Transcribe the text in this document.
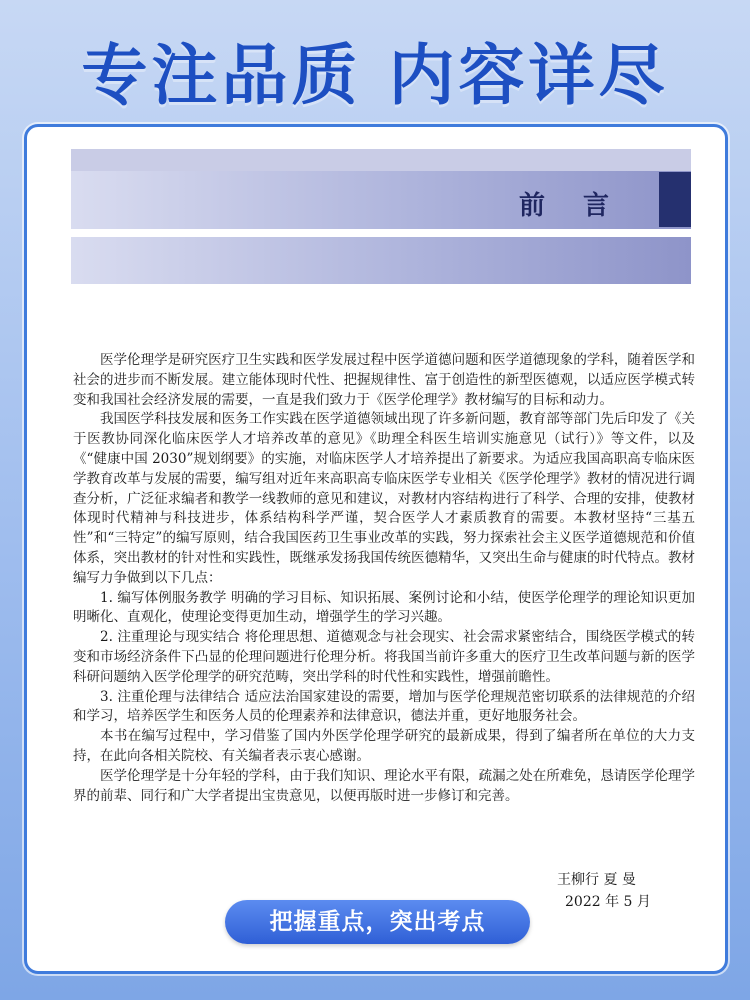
专注品质 内容详尽
前言

医学伦理学是研究医疗卫生实践和医学发展过程中医学道德问题和医学道德现象的学科，随着医学和社会的进步而不断发展。建立能体现时代性、把握规律性、富于创造性的新型医德观，以适应医学模式转变和我国社会经济发展的需要，一直是我们致力于《医学伦理学》教材编写的目标和动力。

我国医学科技发展和医务工作实践在医学道德领域出现了许多新问题，教育部等部门先后印发了《关于医教协同深化临床医学人才培养改革的意见》《助理全科医生培训实施意见（试行）》等文件，以及《“健康中国 2030”规划纲要》的实施，对临床医学人才培养提出了新要求。为适应我国高职高专临床医学教育改革与发展的需要，编写组对近年来高职高专临床医学专业相关《医学伦理学》教材的情况进行调查分析，广泛征求编者和教学一线教师的意见和建议，对教材内容结构进行了科学、合理的安排，使教材体现时代精神与科技进步，体系结构科学严谨，契合医学人才素质教育的需要。本教材坚持“三基五性”和“三特定”的编写原则，结合我国医药卫生事业改革的实践，努力探索社会主义医学道德规范和价值体系，突出教材的针对性和实践性，既继承发扬我国传统医德精华，又突出生命与健康的时代特点。教材编写力争做到以下几点：

1. 编写体例服务教学 明确的学习目标、知识拓展、案例讨论和小结，使医学伦理学的理论知识更加明晰化、直观化，使理论变得更加生动，增强学生的学习兴趣。

2. 注重理论与现实结合 将伦理思想、道德观念与社会现实、社会需求紧密结合，围绕医学模式的转变和市场经济条件下凸显的伦理问题进行伦理分析。将我国当前许多重大的医疗卫生改革问题与新的医学科研问题纳入医学伦理学的研究范畴，突出学科的时代性和实践性，增强前瞻性。

3. 注重伦理与法律结合 适应法治国家建设的需要，增加与医学伦理规范密切联系的法律规范的介绍和学习，培养医学生和医务人员的伦理素养和法律意识，德法并重，更好地服务社会。

本书在编写过程中，学习借鉴了国内外医学伦理学研究的最新成果，得到了编者所在单位的大力支持，在此向各相关院校、有关编者表示衷心感谢。

医学伦理学是十分年轻的学科，由于我们知识、理论水平有限，疏漏之处在所难免，恳请医学伦理学界的前辈、同行和广大学者提出宝贵意见，以便再版时进一步修订和完善。

王柳行 夏 曼
2022 年 5 月
把握重点，突出考点
